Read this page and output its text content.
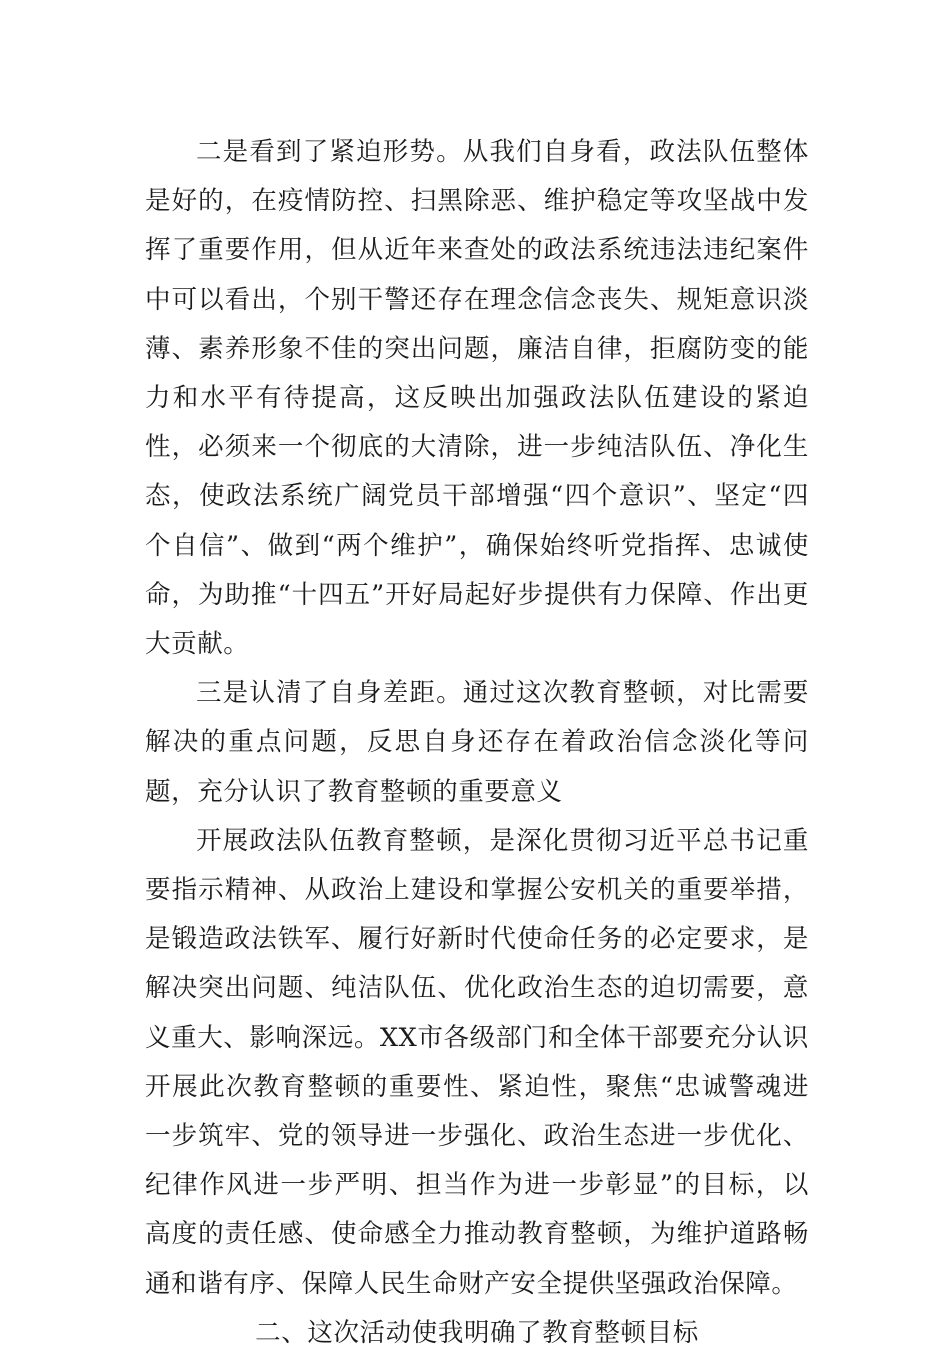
二是看到了紧迫形势。从我们自身看，政法队伍整体是好的，在疫情防控、扫黑除恶、维护稳定等攻坚战中发挥了重要作用，但从近年来查处的政法系统违法违纪案件中可以看出，个别干警还存在理念信念丧失、规矩意识淡薄、素养形象不佳的突出问题，廉洁自律，拒腐防变的能力和水平有待提高，这反映出加强政法队伍建设的紧迫性，必须来一个彻底的大清除，进一步纯洁队伍、净化生态，使政法系统广阔党员干部增强“四个意识”、坚定“四个自信”、做到“两个维护”，确保始终听党指挥、忠诚使命，为助推“十四五”开好局起好步提供有力保障、作出更大贡献。

三是认清了自身差距。通过这次教育整顿，对比需要解决的重点问题，反思自身还存在着政治信念淡化等问题，充分认识了教育整顿的重要意义

开展政法队伍教育整顿，是深化贯彻习近平总书记重要指示精神、从政治上建设和掌握公安机关的重要举措，是锻造政法铁军、履行好新时代使命任务的必定要求，是解决突出问题、纯洁队伍、优化政治生态的迫切需要，意义重大、影响深远。XX市各级部门和全体干部要充分认识开展此次教育整顿的重要性、紧迫性，聚焦“忠诚警魂进一步筑牢、党的领导进一步强化、政治生态进一步优化、纪律作风进一步严明、担当作为进一步彰显”的目标，以高度的责任感、使命感全力推动教育整顿，为维护道路畅通和谐有序、保障人民生命财产安全提供坚强政治保障。

二、这次活动使我明确了教育整顿目标
